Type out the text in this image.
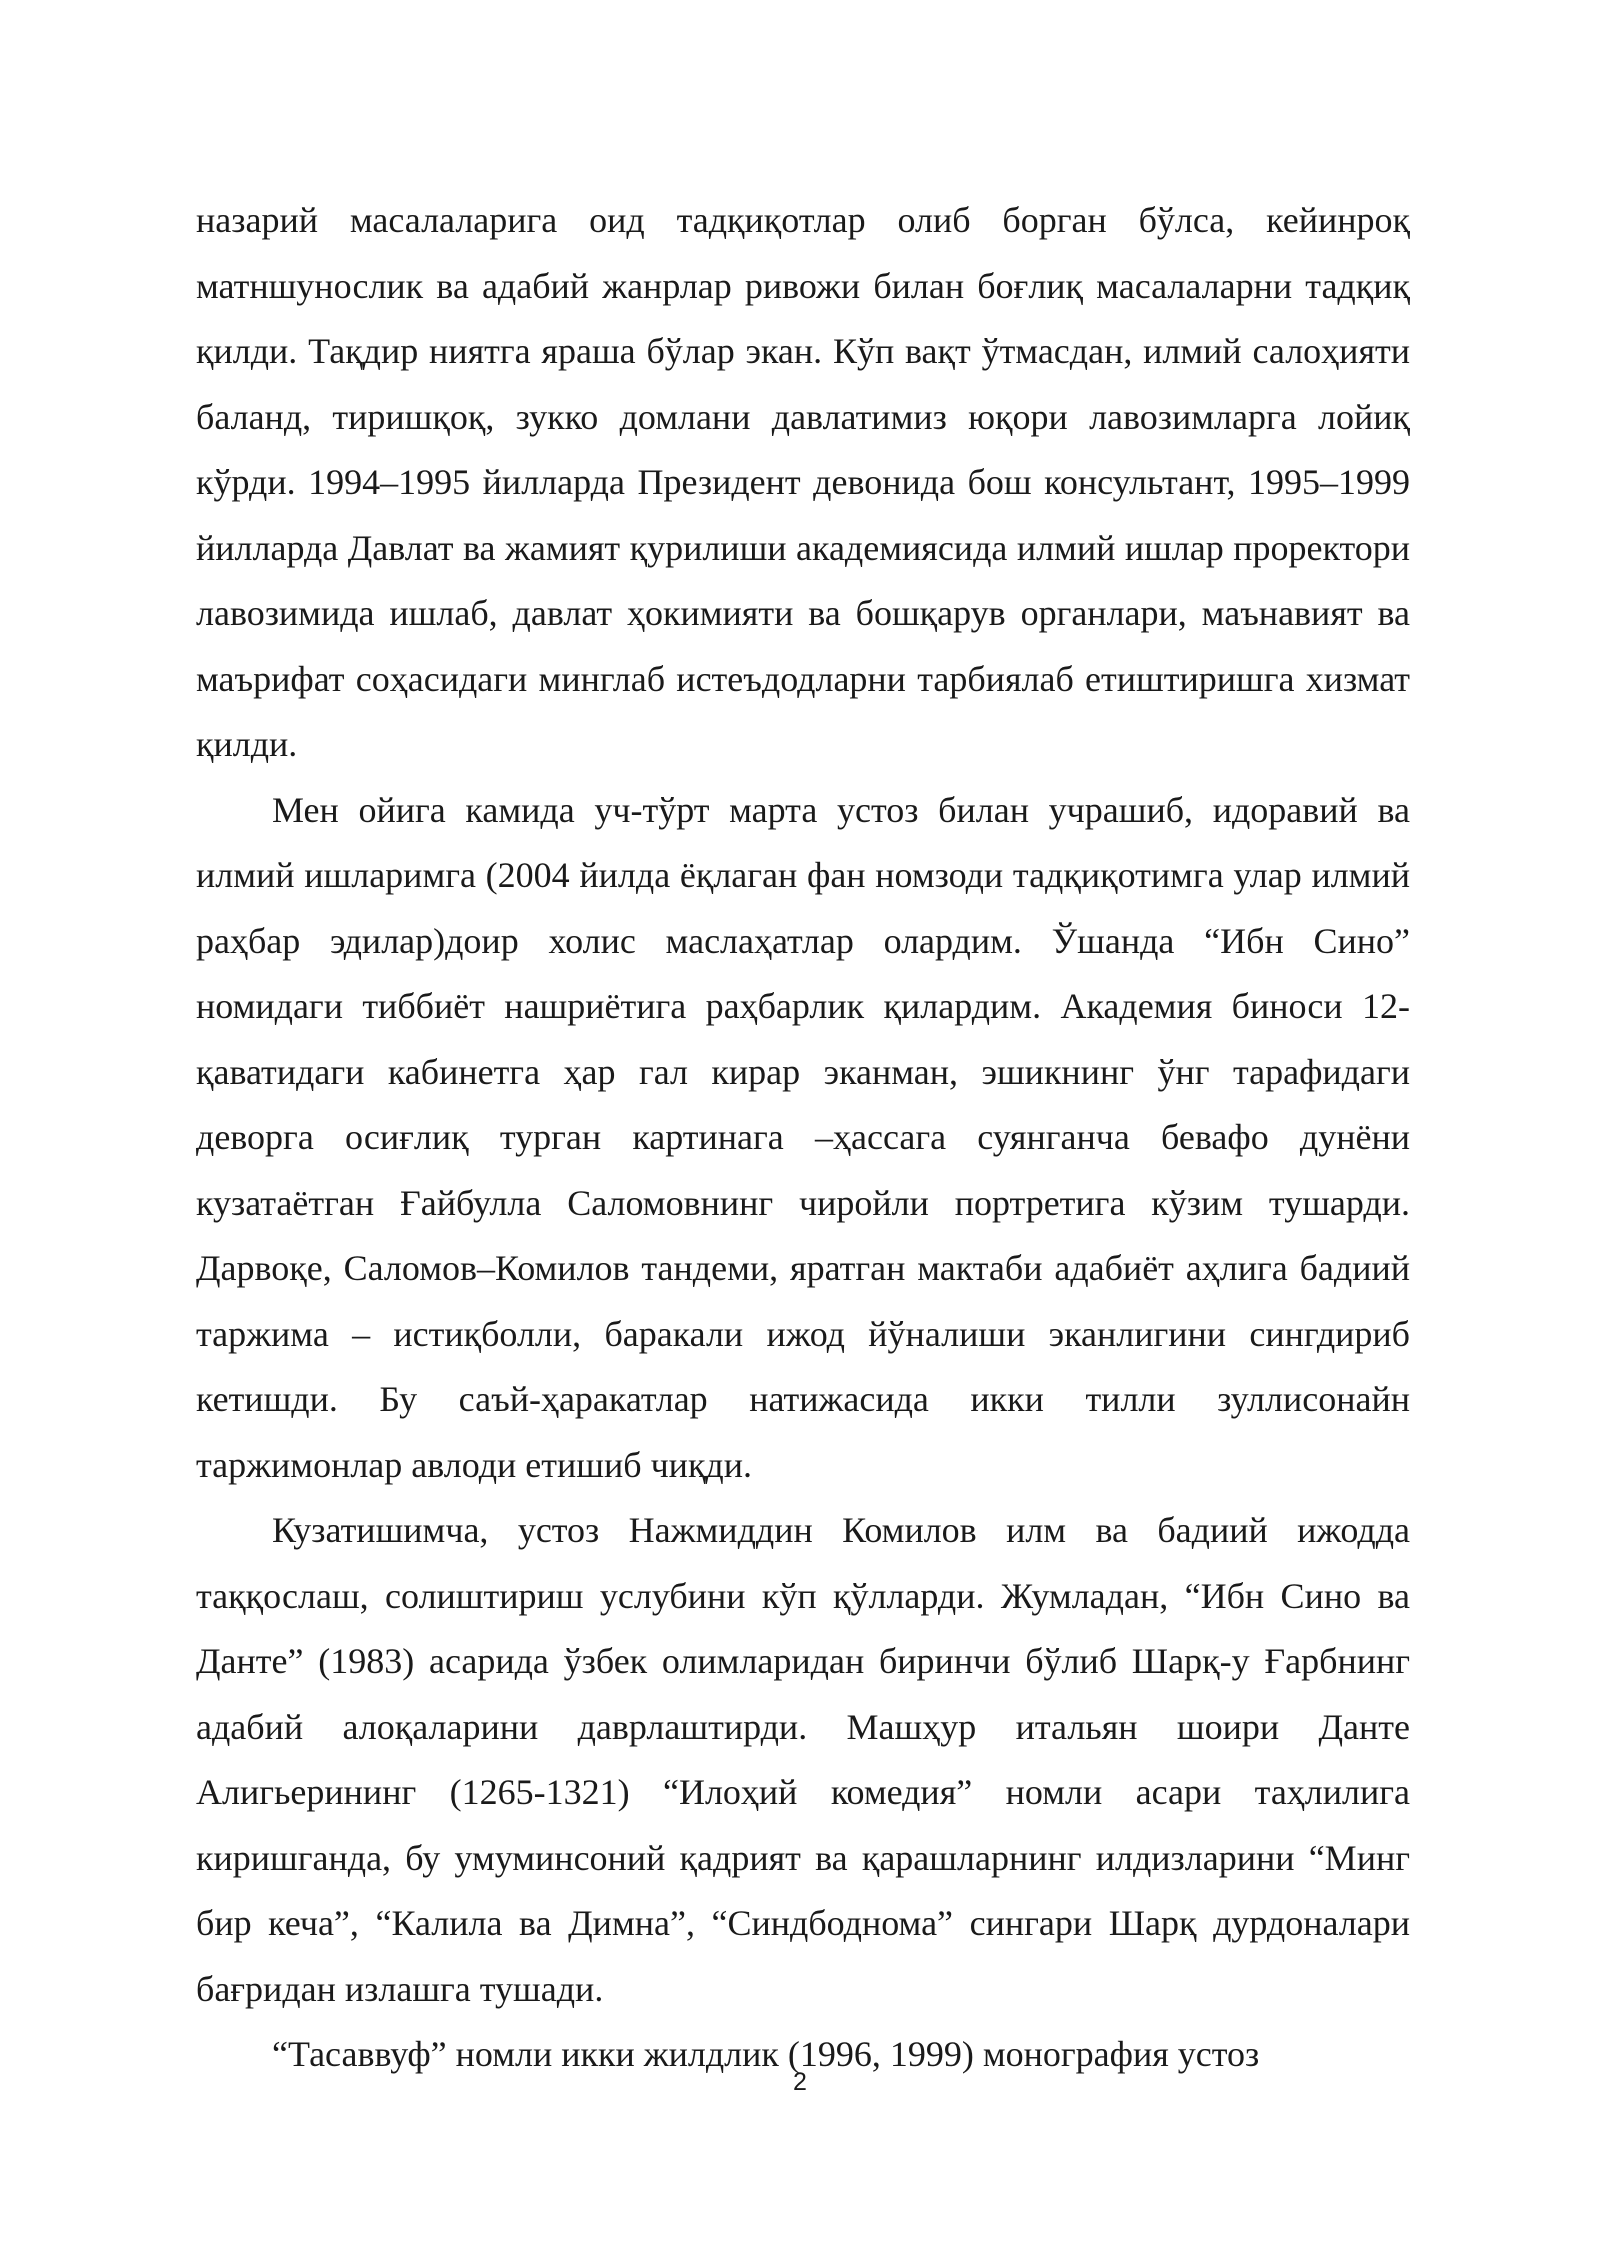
назарий масалаларига оид тадқиқотлар олиб борган бўлса, кейинроқ матншунослик ва адабий жанрлар ривожи билан боғлиқ масалаларни тадқиқ қилди. Тақдир ниятга яраша бўлар экан. Кўп вақт ўтмасдан, илмий салоҳияти баланд, тиришқоқ, зукко домлани давлатимиз юқори лавозимларга лойиқ кўрди. 1994–1995 йилларда Президент девонида бош консультант, 1995–1999 йилларда Давлат ва жамият қурилиши академиясида илмий ишлар проректори лавозимида ишлаб, давлат ҳокимияти ва бошқарув органлари, маънавият ва маърифат соҳасидаги минглаб истеъдодларни тарбиялаб етиштиришга хизмат қилди.

Мен ойига камида уч-тўрт марта устоз билан учрашиб, идоравий ва илмий ишларимга (2004 йилда ёқлаган фан номзоди тадқиқотимга улар илмий раҳбар эдилар)доир холис маслаҳатлар олардим. Ўшанда “Ибн Сино” номидаги тиббиёт нашриётига раҳбарлик қилардим. Академия биноси 12-қаватидаги кабинетга ҳар гал кирар эканман, эшикнинг ўнг тарафидаги деворга осиғлиқ турган картинага –ҳассага суянганча бевафо дунёни кузатаётган Ғайбулла Саломовнинг чиройли портретига кўзим тушарди. Дарвоқе, Саломов–Комилов тандеми, яратган мактаби адабиёт аҳлига бадиий таржима – истиқболли, баракали ижод йўналиши эканлигини сингдириб кетишди. Бу саъй-ҳаракатлар натижасида икки тилли зуллисонайн таржимонлар авлоди етишиб чиқди.

Кузатишимча, устоз Нажмиддин Комилов илм ва бадиий ижодда таққослаш, солиштириш услубини кўп қўлларди. Жумладан, “Ибн Сино ва Данте” (1983) асарида ўзбек олимларидан биринчи бўлиб Шарқ-у Ғарбнинг адабий алоқаларини даврлаштирди. Машҳур итальян шоири Данте Алигьерининг (1265-1321) “Илоҳий комедия” номли асари таҳлилига киришганда, бу умуминсоний қадрият ва қарашларнинг илдизларини “Минг бир кеча”, “Калила ва Димна”, “Синдбоднома” сингари Шарқ дурдоналари бағридан излашга тушади.

“Тасаввуф” номли икки жилдлик (1996, 1999) монография устоз

2
